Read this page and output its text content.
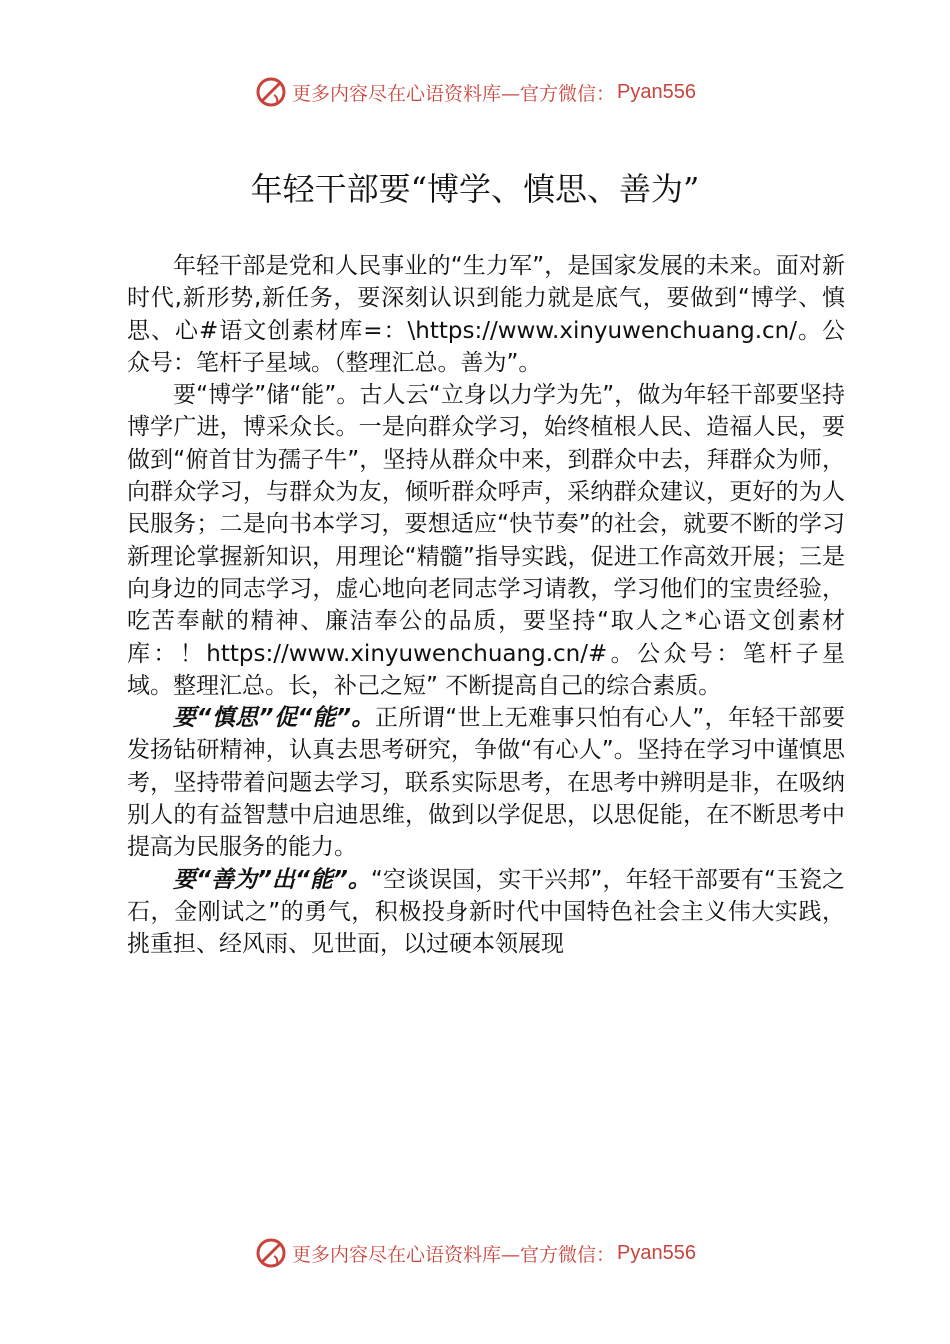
更多内容尽在心语资料库—官方微信： Pyan556
年轻干部要“博学、慎思、善为”

年轻干部是党和人民事业的“生力军”，是国家发展的未来。面对新时代,新形势,新任务，要深刻认识到能力就是底气，要做到“博学、慎思、心#语文创素材库=：\https://www.xinyuwenchuang.cn/。公众号：笔杆子星域。（整理汇总。善为”。

要“博学”储“能”。古人云“立身以力学为先”，做为年轻干部要坚持博学广进，博采众长。一是向群众学习，始终植根人民、造福人民，要做到“俯首甘为孺子牛”，坚持从群众中来，到群众中去，拜群众为师，向群众学习，与群众为友，倾听群众呼声，采纳群众建议，更好的为人民服务；二是向书本学习，要想适应“快节奏”的社会，就要不断的学习新理论掌握新知识，用理论“精髓”指导实践，促进工作高效开展；三是向身边的同志学习，虚心地向老同志学习请教，学习他们的宝贵经验，吃苦奉献的精神、廉洁奉公的品质，要坚持“取人之*心语文创素材库：！https://www.xinyuwenchuang.cn/#。公众号：笔杆子星域。整理汇总。长，补己之短” 不断提高自己的综合素质。

要“慎思”促“能”。正所谓“世上无难事只怕有心人”，年轻干部要发扬钻研精神，认真去思考研究，争做“有心人”。坚持在学习中谨慎思考，坚持带着问题去学习，联系实际思考，在思考中辨明是非，在吸纳别人的有益智慧中启迪思维，做到以学促思，以思促能，在不断思考中提高为民服务的能力。

要“善为”出“能”。“空谈误国，实干兴邦”，年轻干部要有“玉瓷之石，金刚试之”的勇气，积极投身新时代中国特色社会主义伟大实践，挑重担、经风雨、见世面，以过硬本领展现

更多内容尽在心语资料库—官方微信： Pyan556
